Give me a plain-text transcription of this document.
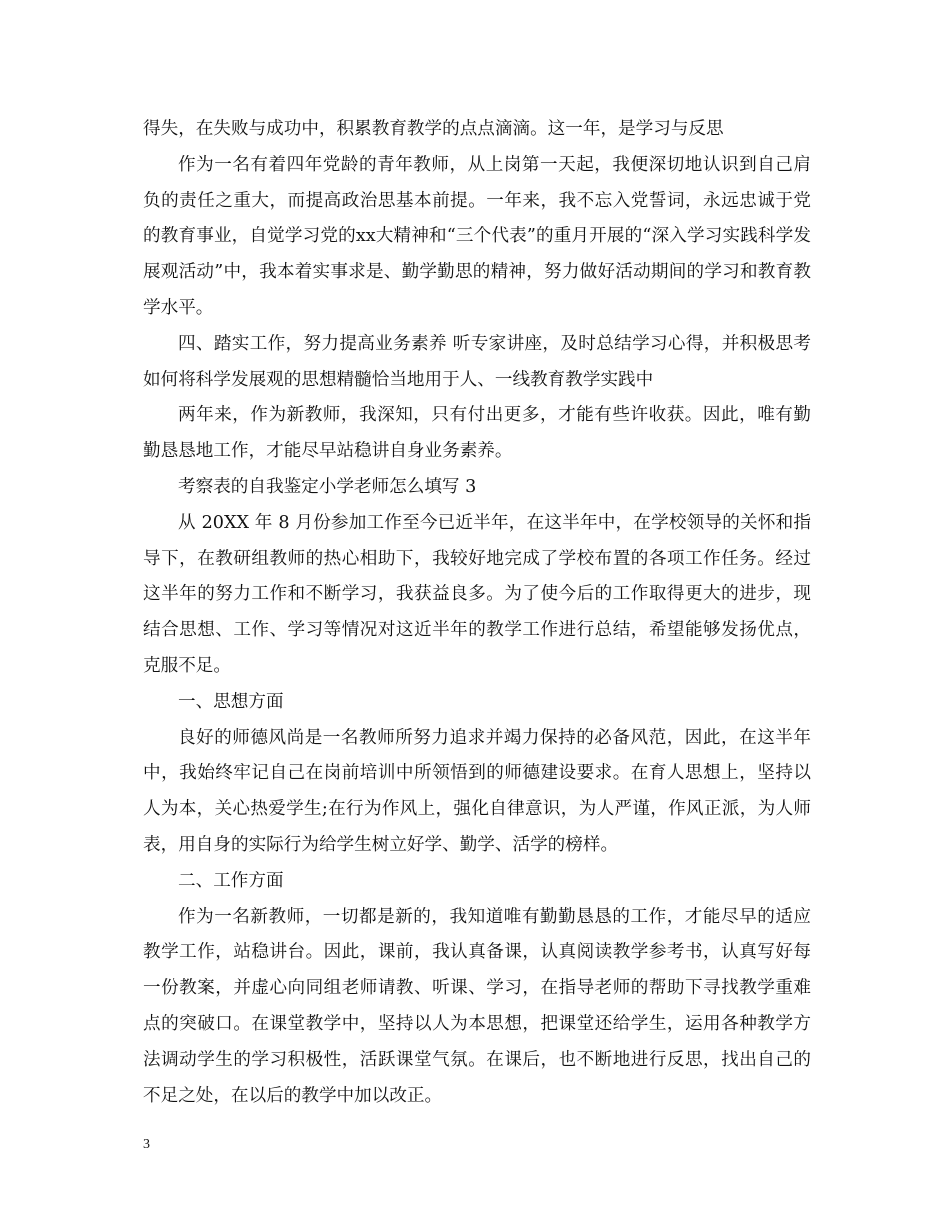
得失，在失败与成功中，积累教育教学的点点滴滴。这一年，是学习与反思

作为一名有着四年党龄的青年教师，从上岗第一天起，我便深切地认识到自己肩负的责任之重大，而提高政治思基本前提。一年来，我不忘入党誓词，永远忠诚于党的教育事业，自觉学习党的xx大精神和“三个代表”的重月开展的“深入学习实践科学发展观活动”中，我本着实事求是、勤学勤思的精神，努力做好活动期间的学习和教育教学水平。

四、踏实工作，努力提高业务素养 听专家讲座，及时总结学习心得，并积极思考如何将科学发展观的思想精髓恰当地用于人、一线教育教学实践中

两年来，作为新教师，我深知，只有付出更多，才能有些许收获。因此，唯有勤勤恳恳地工作，才能尽早站稳讲自身业务素养。

考察表的自我鉴定小学老师怎么填写 3

从 20XX 年 8 月份参加工作至今已近半年，在这半年中，在学校领导的关怀和指导下，在教研组教师的热心相助下，我较好地完成了学校布置的各项工作任务。经过这半年的努力工作和不断学习，我获益良多。为了使今后的工作取得更大的进步，现结合思想、工作、学习等情况对这近半年的教学工作进行总结，希望能够发扬优点，克服不足。

一、思想方面

良好的师德风尚是一名教师所努力追求并竭力保持的必备风范，因此，在这半年中，我始终牢记自己在岗前培训中所领悟到的师德建设要求。在育人思想上，坚持以人为本，关心热爱学生;在行为作风上，强化自律意识，为人严谨，作风正派，为人师表，用自身的实际行为给学生树立好学、勤学、活学的榜样。

二、工作方面

作为一名新教师，一切都是新的，我知道唯有勤勤恳恳的工作，才能尽早的适应教学工作，站稳讲台。因此，课前，我认真备课，认真阅读教学参考书，认真写好每一份教案，并虚心向同组老师请教、听课、学习，在指导老师的帮助下寻找教学重难点的突破口。在课堂教学中，坚持以人为本思想，把课堂还给学生，运用各种教学方法调动学生的学习积极性，活跃课堂气氛。在课后，也不断地进行反思，找出自己的不足之处，在以后的教学中加以改正。

3
